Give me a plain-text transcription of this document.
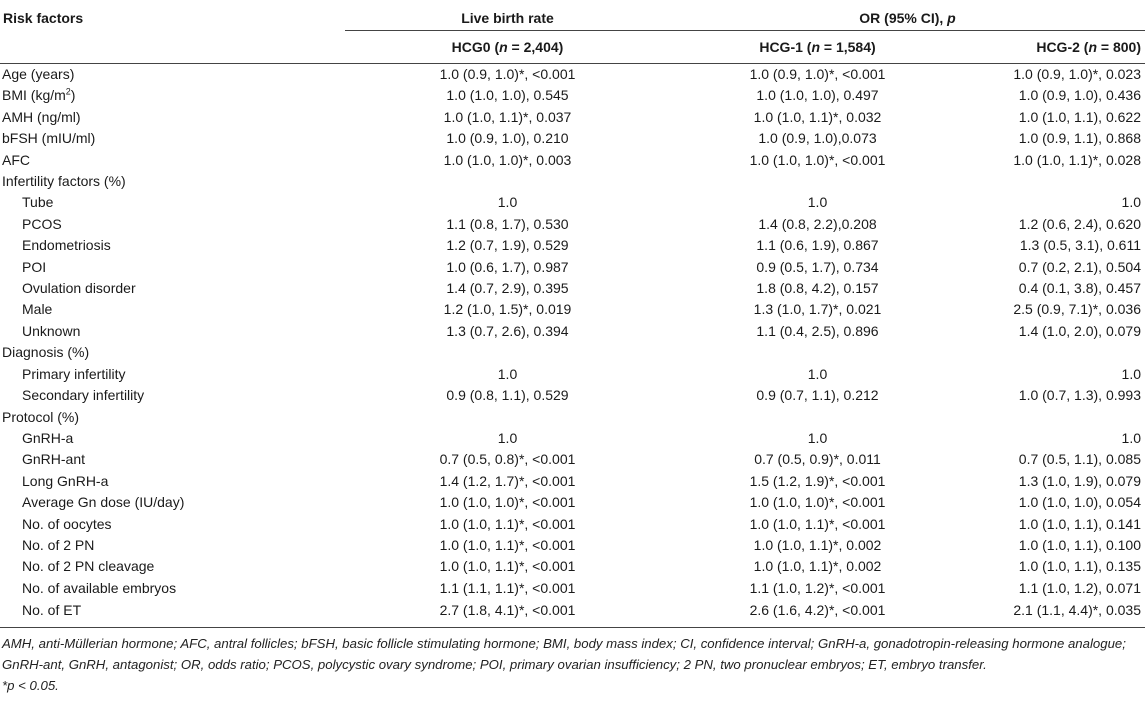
Risk factors	Live birth rate	OR (95% CI), p	

	HCG0 (n = 2,404)	HCG-1 (n = 1,584)	HCG-2 (n = 800)
Age (years)	1.0 (0.9, 1.0)*, <0.001	1.0 (0.9, 1.0)*, <0.001	1.0 (0.9, 1.0)*, 0.023
BMI $(kg/m^2)$	1.0 (1.0, 1.0), 0.545	1.0 (1.0, 1.0), 0.497	1.0 (0.9, 1.0), 0.436
AMH (ng/ml)	1.0 (1.0, 1.1)*, 0.037	1.0 (1.0, 1.1)*, 0.032	1.0 (1.0, 1.1), 0.622
bFSH (mIU/ml)	1.0 (0.9, 1.0), 0.210	1.0 (0.9, 1.0),0.073	1.0 (0.9, 1.1), 0.868
AFC	1.0 (1.0, 1.0)*, 0.003	1.0 (1.0, 1.0)*, <0.001	1.0 (1.0, 1.1)*, 0.028
Infertility factors (%)			
Tube	1.0	1.0	1.0
PCOS	1.1 (0.8, 1.7), 0.530	1.4 (0.8, 2.2),0.208	1.2 (0.6, 2.4), 0.620
Endometriosis	1.2 (0.7, 1.9), 0.529	1.1 (0.6, 1.9), 0.867	1.3 (0.5, 3.1), 0.611
POI	1.0 (0.6, 1.7), 0.987	0.9 (0.5, 1.7), 0.734	0.7 (0.2, 2.1), 0.504
Ovulation disorder	1.4 (0.7, 2.9), 0.395	1.8 (0.8, 4.2), 0.157	0.4 (0.1, 3.8), 0.457
Male	1.2 (1.0, 1.5)*, 0.019	1.3 (1.0, 1.7)*, 0.021	2.5 (0.9, 7.1)*, 0.036
Unknown	1.3 (0.7, 2.6), 0.394	1.1 (0.4, 2.5), 0.896	1.4 (1.0, 2.0), 0.079
Diagnosis (%)			
Primary infertility	1.0	1.0	1.0
Secondary infertility	0.9 (0.8, 1.1), 0.529	0.9 (0.7, 1.1), 0.212	1.0 (0.7, 1.3), 0.993
Protocol (%)			
GnRH-a	1.0	1.0	1.0
GnRH-ant	0.7 (0.5, 0.8)*, <0.001	0.7 (0.5, 0.9)*, 0.011	0.7 (0.5, 1.1), 0.085
Long GnRH-a	1.4 (1.2, 1.7)*, <0.001	1.5 (1.2, 1.9)*, <0.001	1.3 (1.0, 1.9), 0.079
Average Gn dose (IU/day)	1.0 (1.0, 1.0)*, <0.001	1.0 (1.0, 1.0)*, <0.001	1.0 (1.0, 1.0), 0.054
No. of oocytes	1.0 (1.0, 1.1)*, <0.001	1.0 (1.0, 1.1)*, <0.001	1.0 (1.0, 1.1), 0.141
No. of 2 PN	1.0 (1.0, 1.1)*, <0.001	1.0 (1.0, 1.1)*, 0.002	1.0 (1.0, 1.1), 0.100
No. of 2 PN cleavage	1.0 (1.0, 1.1)*, <0.001	1.0 (1.0, 1.1)*, 0.002	1.0 (1.0, 1.1), 0.135
No. of available embryos	1.1 (1.1, 1.1)*, <0.001	1.1 (1.0, 1.2)*, <0.001	1.1 (1.0, 1.2), 0.071
No. of ET	2.7 (1.8, 4.1)*, <0.001	2.6 (1.6, 4.2)*, <0.001	2.1 (1.1, 4.4)*, 0.035
AMH, anti-Müllerian hormone; AFC, antral follicles; bFSH, basic follicle stimulating hormone; BMI, body mass index; CI, confidence interval; GnRH-a, gonadotropin-releasing hormone analogue; GnRH-ant, GnRH, antagonist; OR, odds ratio; PCOS, polycystic ovary syndrome; POI, primary ovarian insufficiency; 2 PN, two pronuclear embryos; ET, embryo transfer.
*p < 0.05.
